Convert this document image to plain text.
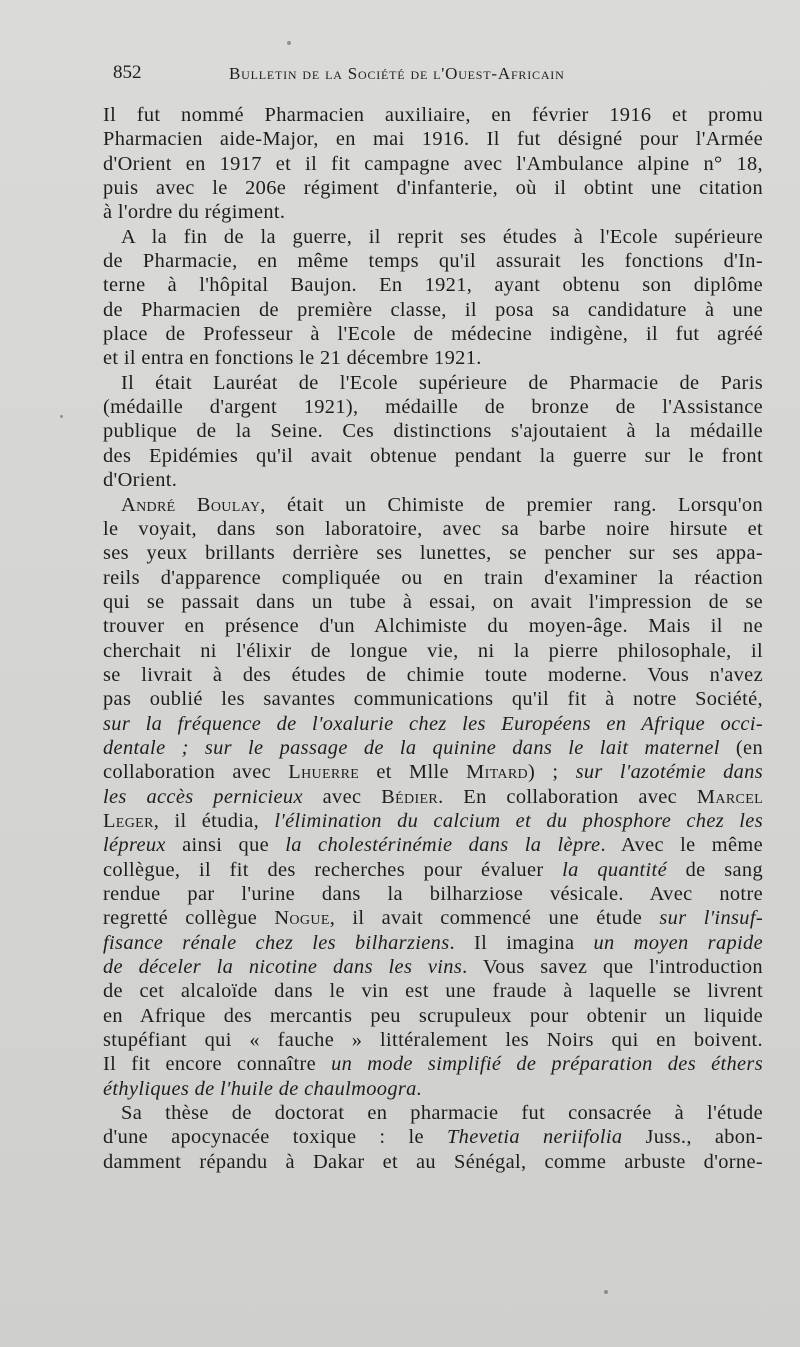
852	Bulletin de la Société de l'Ouest-Africain
Il fut nommé Pharmacien auxiliaire, en février 1916 et promu
Pharmacien aide-Major, en mai 1916. Il fut désigné pour l'Armée
d'Orient en 1917 et il fit campagne avec l'Ambulance alpine n° 18,
puis avec le 206e régiment d'infanterie, où il obtint une citation
à l'ordre du régiment.
A la fin de la guerre, il reprit ses études à l'Ecole supérieure
de Pharmacie, en même temps qu'il assurait les fonctions d'In-
terne à l'hôpital Baujon. En 1921, ayant obtenu son diplôme
de Pharmacien de première classe, il posa sa candidature à une
place de Professeur à l'Ecole de médecine indigène, il fut agréé
et il entra en fonctions le 21 décembre 1921.
Il était Lauréat de l'Ecole supérieure de Pharmacie de Paris
(médaille d'argent 1921), médaille de bronze de l'Assistance
publique de la Seine. Ces distinctions s'ajoutaient à la médaille
des Epidémies qu'il avait obtenue pendant la guerre sur le front
d'Orient.
André Boulay, était un Chimiste de premier rang. Lorsqu'on
le voyait, dans son laboratoire, avec sa barbe noire hirsute et
ses yeux brillants derrière ses lunettes, se pencher sur ses appa-
reils d'apparence compliquée ou en train d'examiner la réaction
qui se passait dans un tube à essai, on avait l'impression de se
trouver en présence d'un Alchimiste du moyen-âge. Mais il ne
cherchait ni l'élixir de longue vie, ni la pierre philosophale, il
se livrait à des études de chimie toute moderne. Vous n'avez
pas oublié les savantes communications qu'il fit à notre Société,
sur la fréquence de l'oxalurie chez les Européens en Afrique occi-
dentale ; sur le passage de la quinine dans le lait maternel (en
collaboration avec Lhuerre et Mlle Mitard) ; sur l'azotémie dans
les accès pernicieux avec Bédier. En collaboration avec Marcel
Leger, il étudia, l'élimination du calcium et du phosphore chez les
lépreux ainsi que la cholestérinémie dans la lèpre. Avec le même
collègue, il fit des recherches pour évaluer la quantité de sang
rendue par l'urine dans la bilharziose vésicale. Avec notre
regretté collègue Nogue, il avait commencé une étude sur l'insuf-
fisance rénale chez les bilharziens. Il imagina un moyen rapide
de déceler la nicotine dans les vins. Vous savez que l'introduction
de cet alcaloïde dans le vin est une fraude à laquelle se livrent
en Afrique des mercantis peu scrupuleux pour obtenir un liquide
stupéfiant qui « fauche » littéralement les Noirs qui en boivent.
Il fit encore connaître un mode simplifié de préparation des éthers
éthyliques de l'huile de chaulmoogra.
Sa thèse de doctorat en pharmacie fut consacrée à l'étude
d'une apocynacée toxique : le Thevetia neriifolia Juss., abon-
damment répandu à Dakar et au Sénégal, comme arbuste d'orne-
